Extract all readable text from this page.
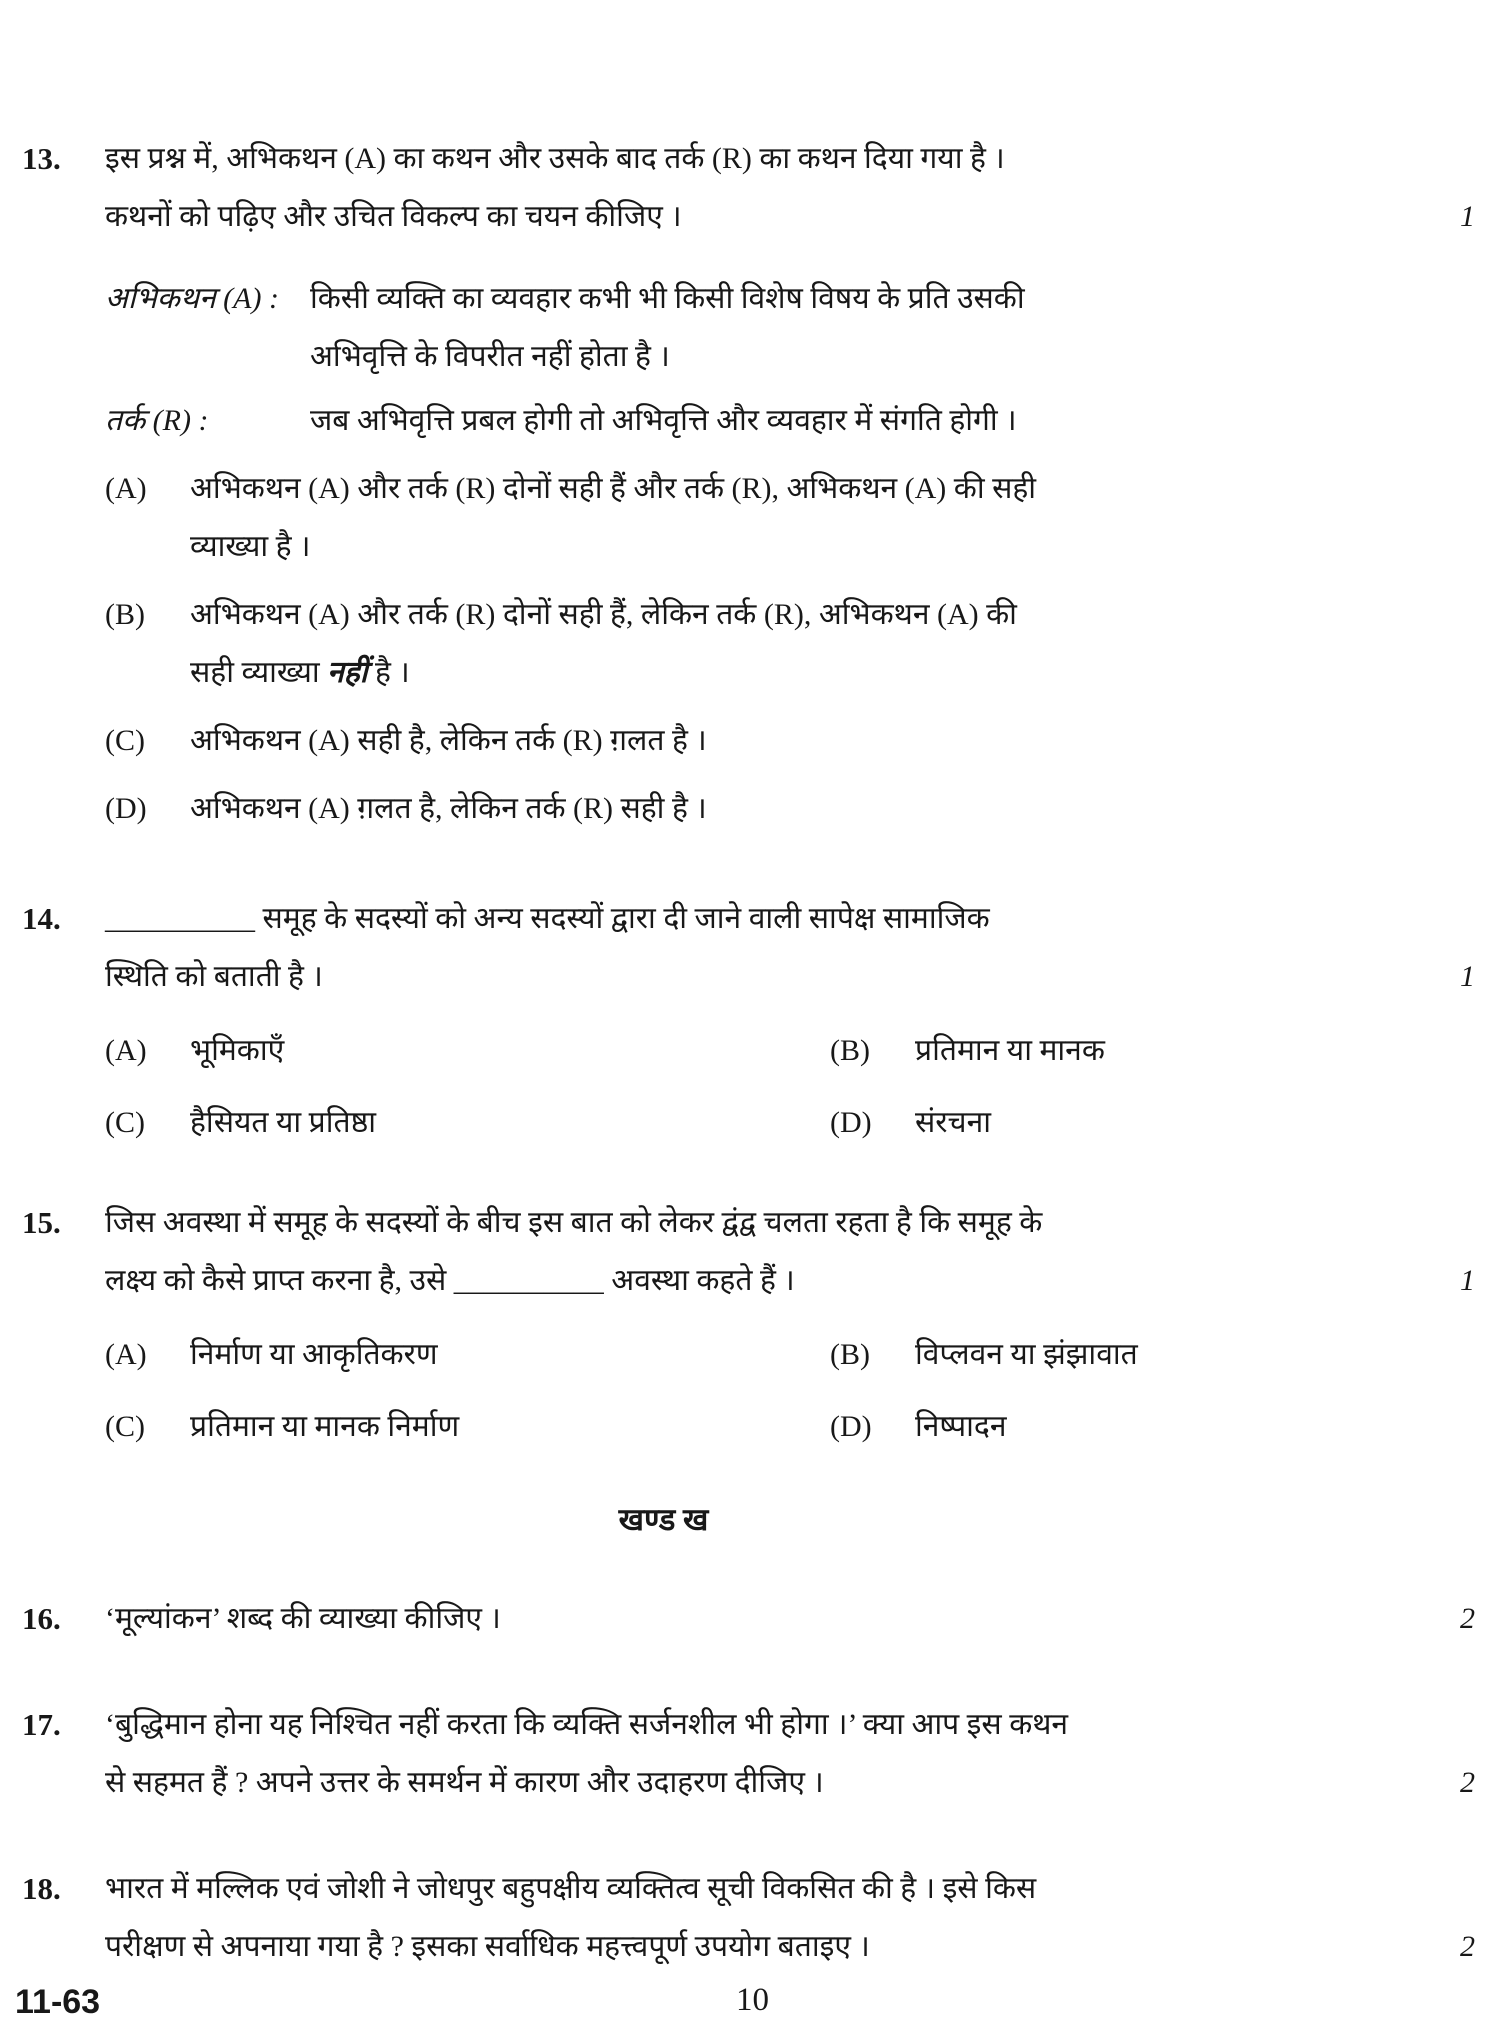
13.	इस प्रश्न में, अभिकथन (A) का कथन और उसके बाद तर्क (R) का कथन दिया गया है ।
कथनों को पढ़िए और उचित विकल्प का चयन कीजिए ।	1
अभिकथन (A) :	किसी व्यक्ति का व्यवहार कभी भी किसी विशेष विषय के प्रति उसकी
अभिवृत्ति के विपरीत नहीं होता है ।
तर्क (R) :	जब अभिवृत्ति प्रबल होगी तो अभिवृत्ति और व्यवहार में संगति होगी ।
(A)	अभिकथन (A) और तर्क (R) दोनों सही हैं और तर्क (R), अभिकथन (A) की सही
व्याख्या है ।
(B)	अभिकथन (A) और तर्क (R) दोनों सही हैं, लेकिन तर्क (R), अभिकथन (A) की
सही व्याख्या नहीं है ।
(C)	अभिकथन (A) सही है, लेकिन तर्क (R) ग़लत है ।
(D)	अभिकथन (A) ग़लत है, लेकिन तर्क (R) सही है ।
14.	__________ समूह के सदस्यों को अन्य सदस्यों द्वारा दी जाने वाली सापेक्ष सामाजिक
स्थिति को बताती है ।	1
(A)	भूमिकाएँ	(B)	प्रतिमान या मानक
(C)	हैसियत या प्रतिष्ठा	(D)	संरचना
15.	जिस अवस्था में समूह के सदस्यों के बीच इस बात को लेकर द्वंद्व चलता रहता है कि समूह के
लक्ष्य को कैसे प्राप्त करना है, उसे __________ अवस्था कहते हैं ।	1
(A)	निर्माण या आकृतिकरण	(B)	विप्लवन या झंझावात
(C)	प्रतिमान या मानक निर्माण	(D)	निष्पादन
खण्ड ख
16.	‘मूल्यांकन’ शब्द की व्याख्या कीजिए ।	2
17.	‘बुद्धिमान होना यह निश्चित नहीं करता कि व्यक्ति सर्जनशील भी होगा ।’ क्या आप इस कथन
से सहमत हैं ? अपने उत्तर के समर्थन में कारण और उदाहरण दीजिए ।	2
18.	भारत में मल्लिक एवं जोशी ने जोधपुर बहुपक्षीय व्यक्तित्व सूची विकसित की है । इसे किस
परीक्षण से अपनाया गया है ? इसका सर्वाधिक महत्त्वपूर्ण उपयोग बताइए ।	2
10
11-63
